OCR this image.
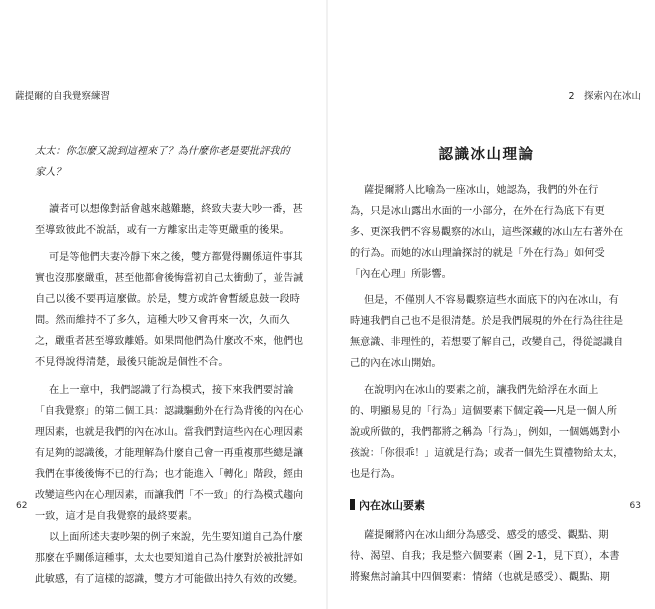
薩提爾的自我覺察練習
太太：你怎麼又說到這裡來了？為什麼你老是要批評我的
家人？
讀者可以想像對話會越來越難聽，終致夫妻大吵一番，甚
至導致彼此不說話，或有一方離家出走等更嚴重的後果。
可是等他們夫妻冷靜下來之後，雙方都覺得關係這件事其
實也沒那麼嚴重，甚至他都會後悔當初自己太衝動了，並告誡
自己以後不要再這麼做。於是，雙方或許會暫緩息鼓一段時
間。然而維持不了多久，這種大吵又會再來一次，久而久
之，嚴重者甚至導致離婚。如果問他們為什麼改不來，他們也
不見得說得清楚，最後只能說是個性不合。
在上一章中，我們認識了行為模式，接下來我們要討論
「自我覺察」的第二個工具：認識驅動外在行為背後的內在心
理因素，也就是我們的內在冰山。當我們對這些內在心理因素
有足夠的認識後，才能理解為什麼自己會一再重複那些總是讓
我們在事後後悔不已的行為；也才能進入「轉化」階段，經由
改變這些內在心理因素，而讓我們「不一致」的行為模式趨向
一致，這才是自我覺察的最終要素。
以上面所述夫妻吵架的例子來說，先生要知道自己為什麼
那麼在乎關係這種事，太太也要知道自己為什麼對於被批評如
此敏感，有了這樣的認識，雙方才可能做出持久有效的改變。
62
2　探索內在冰山
認識冰山理論
薩提爾將人比喻為一座冰山，她認為，我們的外在行
為，只是冰山露出水面的一小部分，在外在行為底下有更
多、更深我們不容易觀察的冰山，這些深藏的冰山左右著外在
的行為。而她的冰山理論探討的就是「外在行為」如何受
「內在心理」所影響。
但是，不僅別人不容易觀察這些水面底下的內在冰山，有
時連我們自己也不是很清楚。於是我們展現的外在行為往往是
無意識、非理性的，若想要了解自己，改變自己，得從認識自
己的內在冰山開始。
在說明內在冰山的要素之前，讓我們先給浮在水面上
的、明顯易見的「行為」這個要素下個定義──凡是一個人所
說或所做的，我們都將之稱為「行為」，例如，一個媽媽對小
孩說：「你很乖！」這就是行為；或者一個先生買禮物給太太，
也是行為。
內在冰山要素
薩提爾將內在冰山細分為感受、感受的感受、觀點、期
待、渴望、自我；我是整六個要素（圖 2-1，見下頁），本書
將聚焦討論其中四個要素：情緒（也就是感受）、觀點、期
63
